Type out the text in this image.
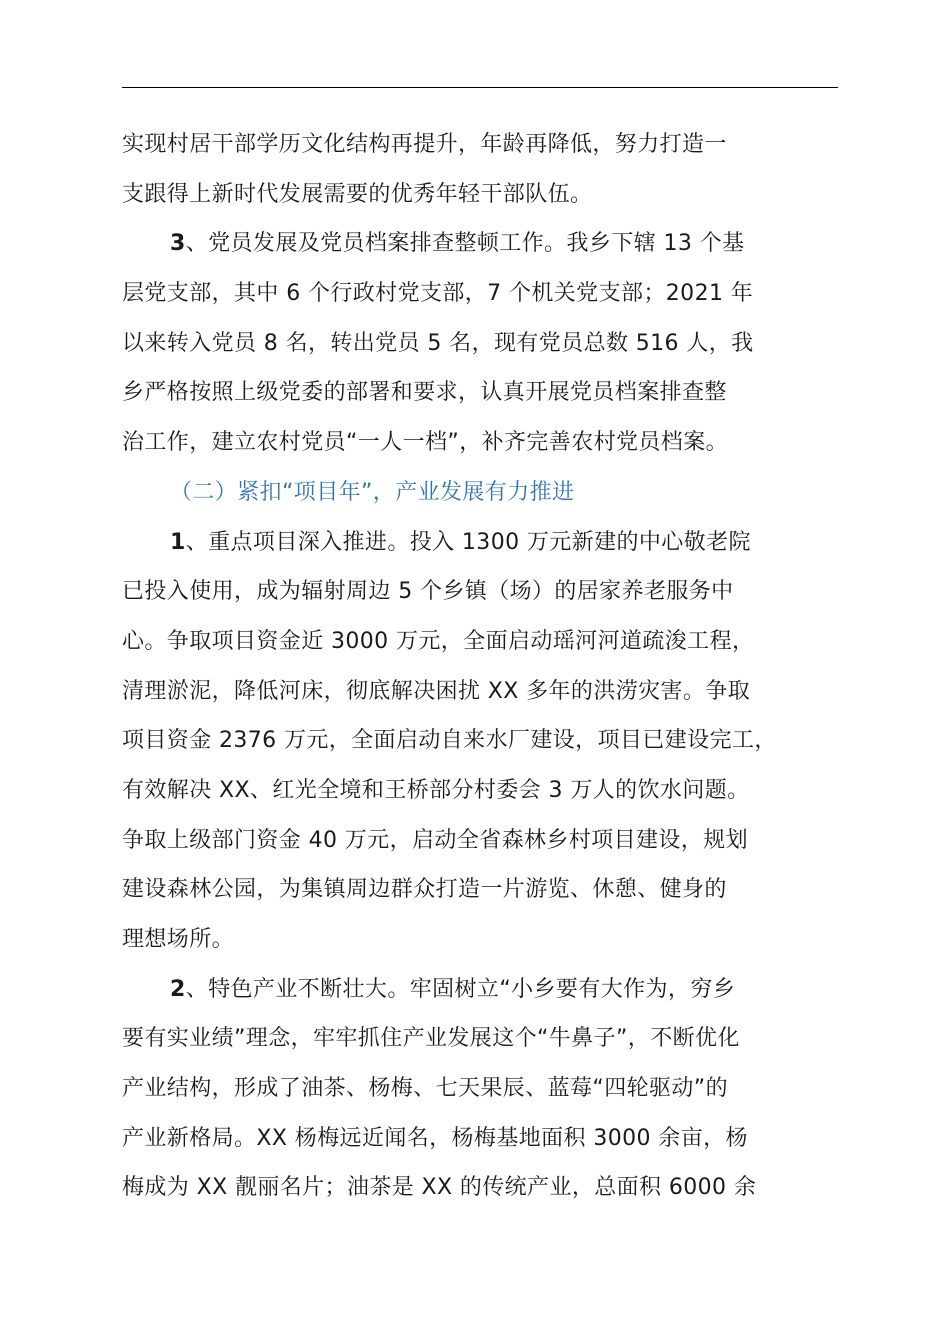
实现村居干部学历文化结构再提升，年龄再降低，努力打造一
支跟得上新时代发展需要的优秀年轻干部队伍。
3、党员发展及党员档案排查整顿工作。我乡下辖 13 个基
层党支部，其中 6 个行政村党支部，7 个机关党支部；2021 年
以来转入党员 8 名，转出党员 5 名，现有党员总数 516 人，我
乡严格按照上级党委的部署和要求，认真开展党员档案排查整
治工作，建立农村党员“一人一档”，补齐完善农村党员档案。
（二）紧扣“项目年”，产业发展有力推进
1、重点项目深入推进。投入 1300 万元新建的中心敬老院
已投入使用，成为辐射周边 5 个乡镇（场）的居家养老服务中
心。争取项目资金近 3000 万元，全面启动瑶河河道疏浚工程，
清理淤泥，降低河床，彻底解决困扰 XX 多年的洪涝灾害。争取
项目资金 2376 万元，全面启动自来水厂建设，项目已建设完工，
有效解决 XX、红光全境和王桥部分村委会 3 万人的饮水问题。
争取上级部门资金 40 万元，启动全省森林乡村项目建设，规划
建设森林公园，为集镇周边群众打造一片游览、休憩、健身的
理想场所。
2、特色产业不断壮大。牢固树立“小乡要有大作为，穷乡
要有实业绩”理念，牢牢抓住产业发展这个“牛鼻子”，不断优化
产业结构，形成了油茶、杨梅、七天果辰、蓝莓“四轮驱动”的
产业新格局。XX 杨梅远近闻名，杨梅基地面积 3000 余亩，杨
梅成为 XX 靓丽名片；油茶是 XX 的传统产业，总面积 6000 余
